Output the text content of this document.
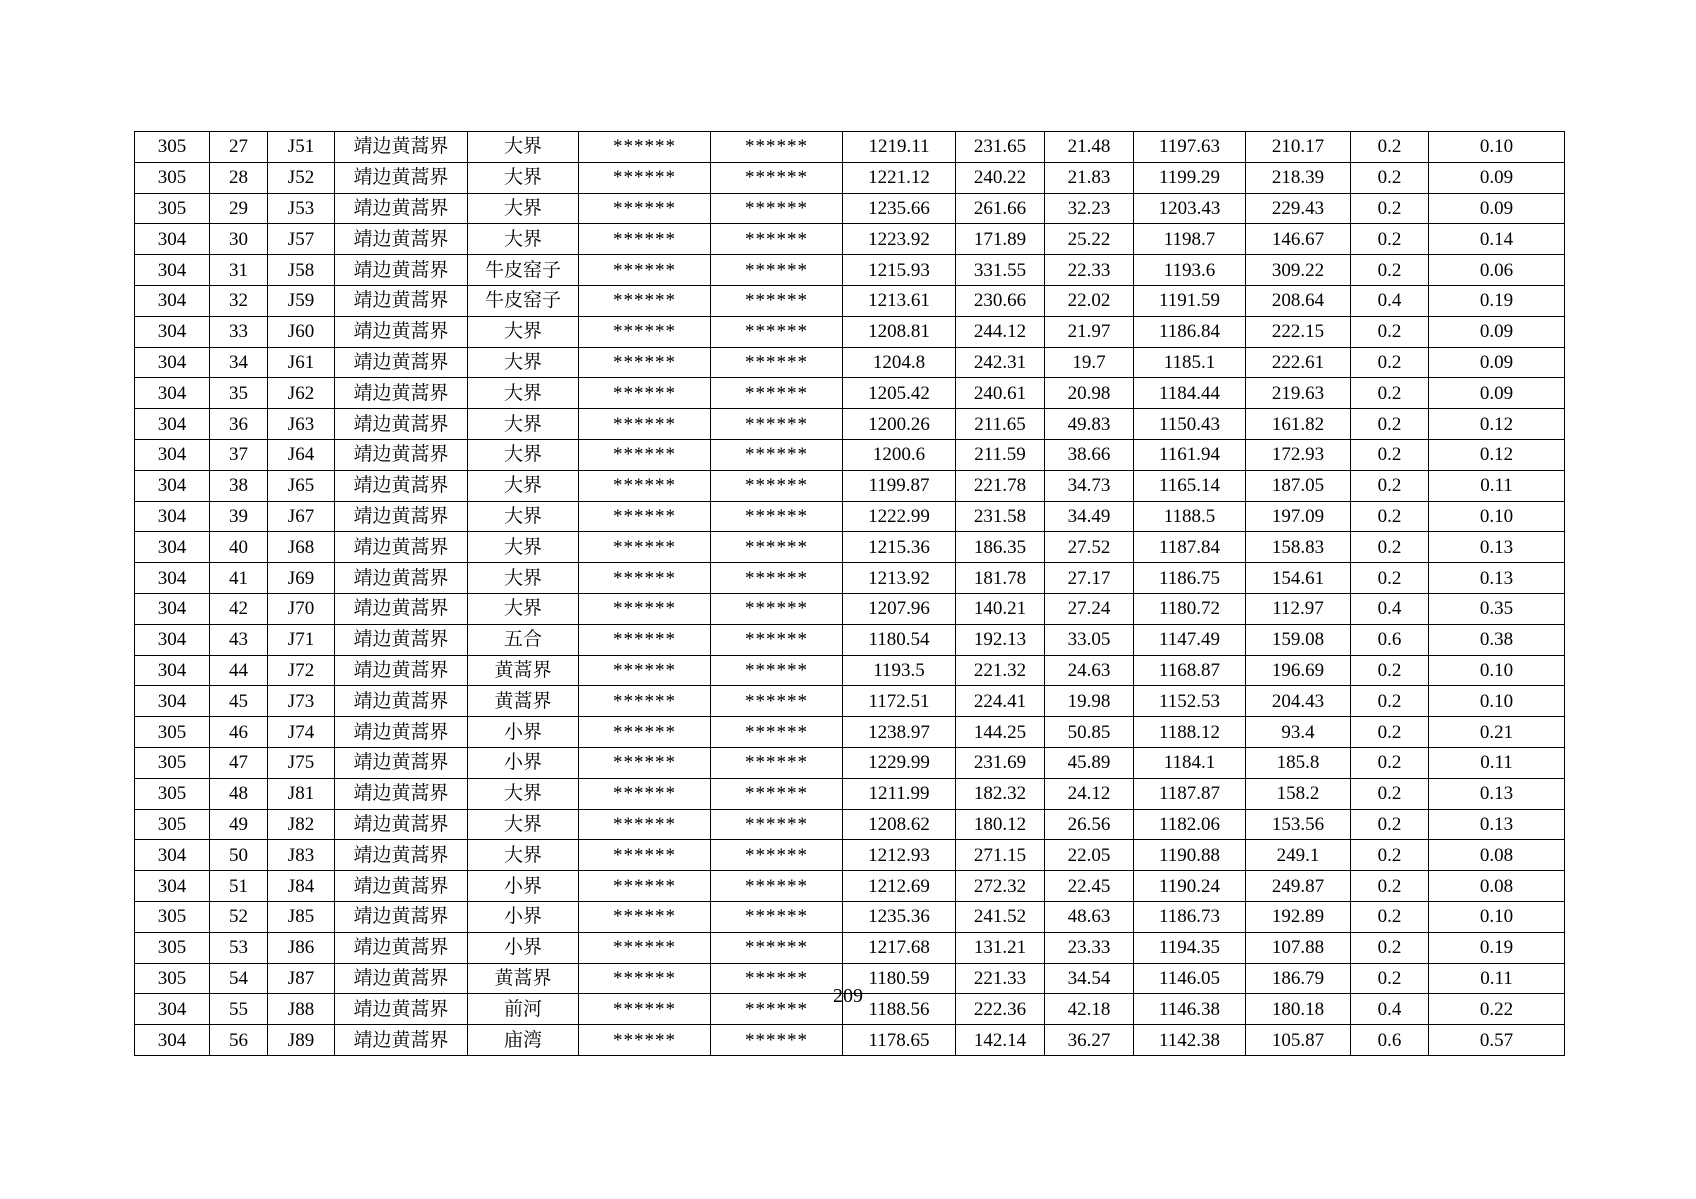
305	27	J51	靖边黄蒿界	大界	******	******	1219.11	231.65	21.48	1197.63	210.17	0.2	0.10
305	28	J52	靖边黄蒿界	大界	******	******	1221.12	240.22	21.83	1199.29	218.39	0.2	0.09
305	29	J53	靖边黄蒿界	大界	******	******	1235.66	261.66	32.23	1203.43	229.43	0.2	0.09
304	30	J57	靖边黄蒿界	大界	******	******	1223.92	171.89	25.22	1198.7	146.67	0.2	0.14
304	31	J58	靖边黄蒿界	牛皮窑子	******	******	1215.93	331.55	22.33	1193.6	309.22	0.2	0.06
304	32	J59	靖边黄蒿界	牛皮窑子	******	******	1213.61	230.66	22.02	1191.59	208.64	0.4	0.19
304	33	J60	靖边黄蒿界	大界	******	******	1208.81	244.12	21.97	1186.84	222.15	0.2	0.09
304	34	J61	靖边黄蒿界	大界	******	******	1204.8	242.31	19.7	1185.1	222.61	0.2	0.09
304	35	J62	靖边黄蒿界	大界	******	******	1205.42	240.61	20.98	1184.44	219.63	0.2	0.09
304	36	J63	靖边黄蒿界	大界	******	******	1200.26	211.65	49.83	1150.43	161.82	0.2	0.12
304	37	J64	靖边黄蒿界	大界	******	******	1200.6	211.59	38.66	1161.94	172.93	0.2	0.12
304	38	J65	靖边黄蒿界	大界	******	******	1199.87	221.78	34.73	1165.14	187.05	0.2	0.11
304	39	J67	靖边黄蒿界	大界	******	******	1222.99	231.58	34.49	1188.5	197.09	0.2	0.10
304	40	J68	靖边黄蒿界	大界	******	******	1215.36	186.35	27.52	1187.84	158.83	0.2	0.13
304	41	J69	靖边黄蒿界	大界	******	******	1213.92	181.78	27.17	1186.75	154.61	0.2	0.13
304	42	J70	靖边黄蒿界	大界	******	******	1207.96	140.21	27.24	1180.72	112.97	0.4	0.35
304	43	J71	靖边黄蒿界	五合	******	******	1180.54	192.13	33.05	1147.49	159.08	0.6	0.38
304	44	J72	靖边黄蒿界	黄蒿界	******	******	1193.5	221.32	24.63	1168.87	196.69	0.2	0.10
304	45	J73	靖边黄蒿界	黄蒿界	******	******	1172.51	224.41	19.98	1152.53	204.43	0.2	0.10
305	46	J74	靖边黄蒿界	小界	******	******	1238.97	144.25	50.85	1188.12	93.4	0.2	0.21
305	47	J75	靖边黄蒿界	小界	******	******	1229.99	231.69	45.89	1184.1	185.8	0.2	0.11
305	48	J81	靖边黄蒿界	大界	******	******	1211.99	182.32	24.12	1187.87	158.2	0.2	0.13
305	49	J82	靖边黄蒿界	大界	******	******	1208.62	180.12	26.56	1182.06	153.56	0.2	0.13
304	50	J83	靖边黄蒿界	大界	******	******	1212.93	271.15	22.05	1190.88	249.1	0.2	0.08
304	51	J84	靖边黄蒿界	小界	******	******	1212.69	272.32	22.45	1190.24	249.87	0.2	0.08
305	52	J85	靖边黄蒿界	小界	******	******	1235.36	241.52	48.63	1186.73	192.89	0.2	0.10
305	53	J86	靖边黄蒿界	小界	******	******	1217.68	131.21	23.33	1194.35	107.88	0.2	0.19
305	54	J87	靖边黄蒿界	黄蒿界	******	******	1180.59	221.33	34.54	1146.05	186.79	0.2	0.11
304	55	J88	靖边黄蒿界	前河	******	******	1188.56	222.36	42.18	1146.38	180.18	0.4	0.22
304	56	J89	靖边黄蒿界	庙湾	******	******	1178.65	142.14	36.27	1142.38	105.87	0.6	0.57
209
